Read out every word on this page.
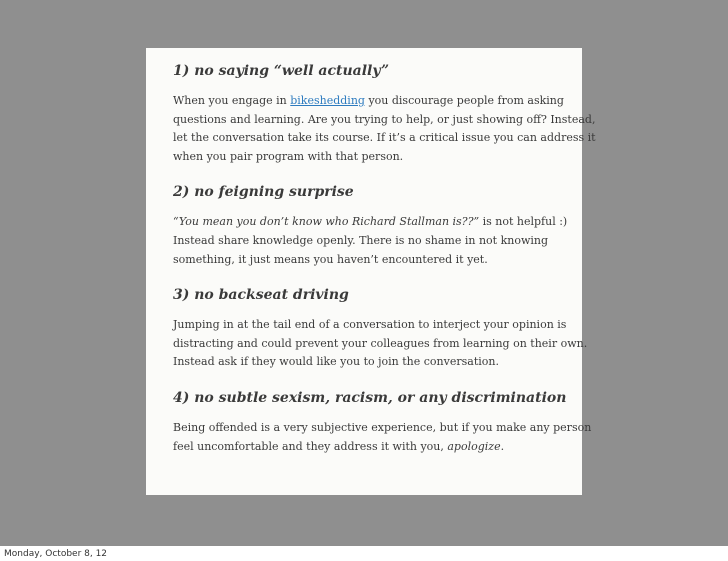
1) no saying “well actually”
When you engage in bikeshedding you discourage people from asking
questions and learning. Are you trying to help, or just showing off? Instead,
let the conversation take its course. If it’s a critical issue you can address it
when you pair program with that person.
2) no feigning surprise
“You mean you don’t know who Richard Stallman is??” is not helpful :)
Instead share knowledge openly. There is no shame in not knowing
something, it just means you haven’t encountered it yet.
3) no backseat driving
Jumping in at the tail end of a conversation to interject your opinion is
distracting and could prevent your colleagues from learning on their own.
Instead ask if they would like you to join the conversation.
4) no subtle sexism, racism, or any discrimination
Being offended is a very subjective experience, but if you make any person
feel uncomfortable and they address it with you, apologize.
Monday, October 8, 12
